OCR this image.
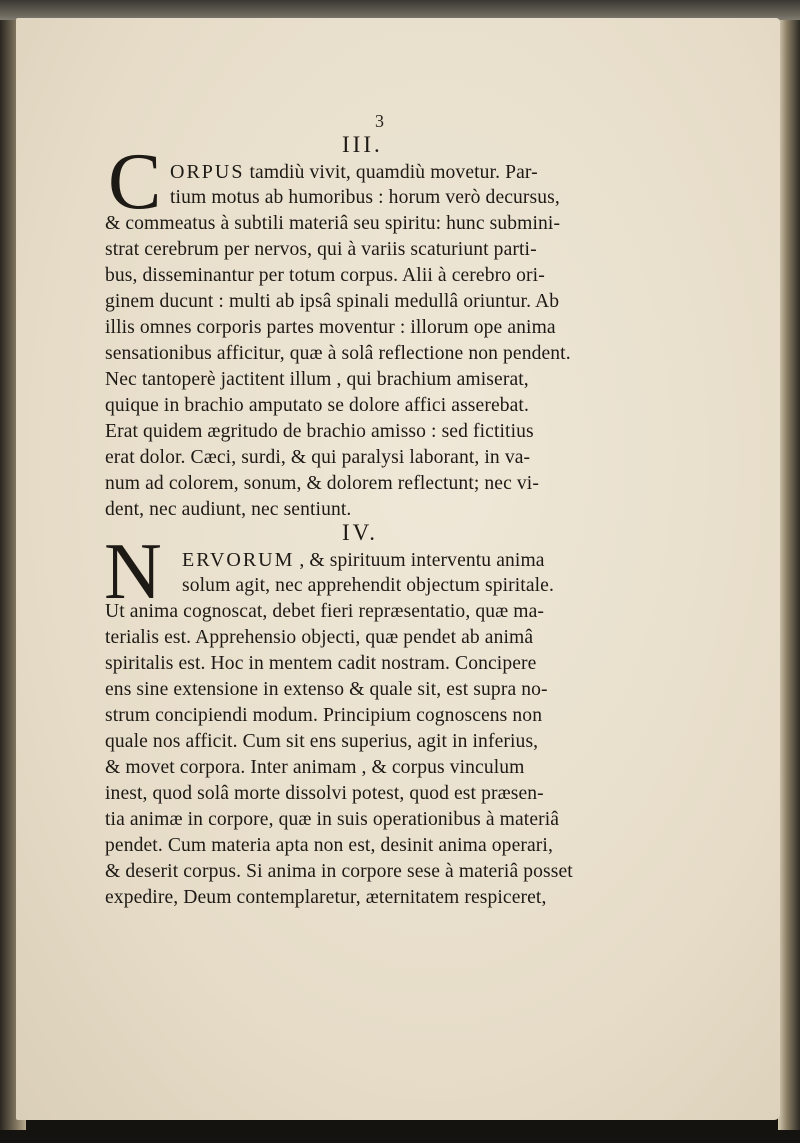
3
III.
C ORPUS tamdiù vivit, quamdiù movetur. Par-
tium motus ab humoribus : horum verò decursus,
& commeatus à subtili materiâ seu spiritu: hunc submini-
strat cerebrum per nervos, qui à variis scaturiunt parti-
bus, disseminantur per totum corpus. Alii à cerebro ori-
ginem ducunt : multi ab ipsâ spinali medullâ oriuntur. Ab
illis omnes corporis partes moventur : illorum ope anima
sensationibus afficitur, quæ à solâ reflectione non pendent.
Nec tantoperè jactitent illum , qui brachium amiserat,
quique in brachio amputato se dolore affici asserebat.
Erat quidem ægritudo de brachio amisso : sed fictitius
erat dolor. Cæci, surdi, & qui paralysi laborant, in va-
num ad colorem, sonum, & dolorem reflectunt; nec vi-
dent, nec audiunt, nec sentiunt.
IV.
N ERVORUM , & spirituum interventu anima
solum agit, nec apprehendit objectum spiritale.
Ut anima cognoscat, debet fieri repræsentatio, quæ ma-
terialis est. Apprehensio objecti, quæ pendet ab animâ
spiritalis est. Hoc in mentem cadit nostram. Concipere
ens sine extensione in extenso & quale sit, est supra no-
strum concipiendi modum. Principium cognoscens non
quale nos afficit. Cum sit ens superius, agit in inferius,
& movet corpora. Inter animam , & corpus vinculum
inest, quod solâ morte dissolvi potest, quod est præsen-
tia animæ in corpore, quæ in suis operationibus à materiâ
pendet. Cum materia apta non est, desinit anima operari,
& deserit corpus. Si anima in corpore sese à materiâ posset
expedire, Deum contemplaretur, æternitatem respiceret,
